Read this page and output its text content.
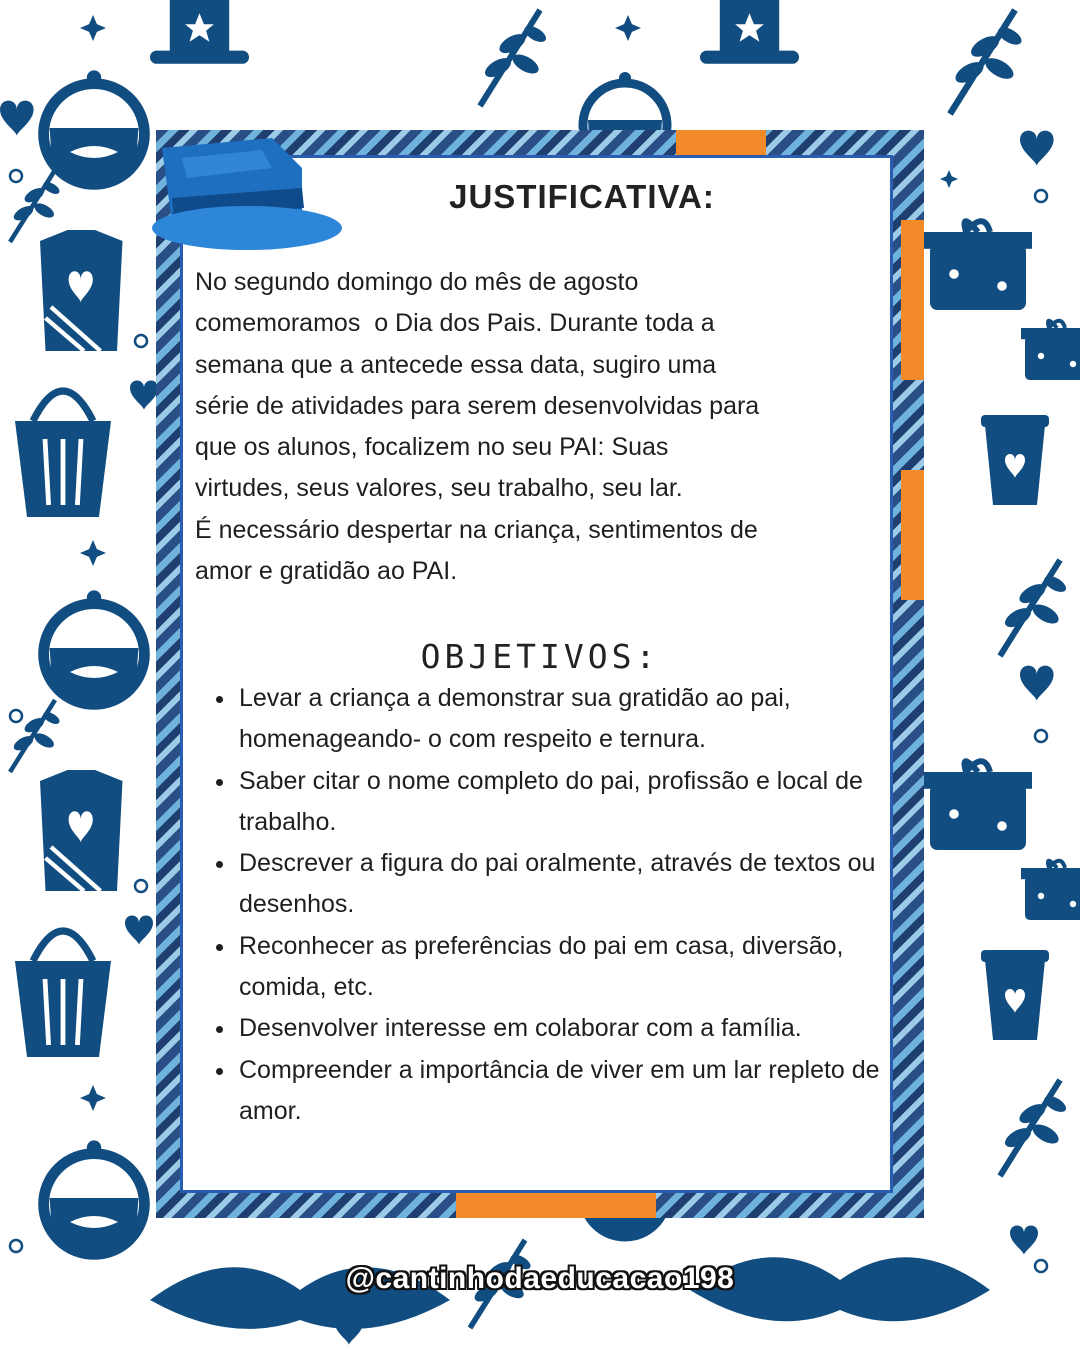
JUSTIFICATIVA:

No segundo domingo do mês de agosto

comemoramos  o Dia dos Pais. Durante toda a

semana que a antecede essa data, sugiro uma

série de atividades para serem desenvolvidas para

que os alunos, focalizem no seu PAI: Suas

virtudes, seus valores, seu trabalho, seu lar.

É necessário despertar na criança, sentimentos de

amor e gratidão ao PAI.

OBJETIVOS:
• Levar a criança a demonstrar sua gratidão ao pai, homenageando- o com respeito e ternura.
• Saber citar o nome completo do pai, profissão e local de trabalho.
• Descrever a figura do pai oralmente, através de textos ou desenhos.
• Reconhecer as preferências do pai em casa, diversão, comida, etc.
• Desenvolver interesse em colaborar com a família.
• Compreender a importância de viver em um lar repleto de amor.
@cantinhodaeducacao198
